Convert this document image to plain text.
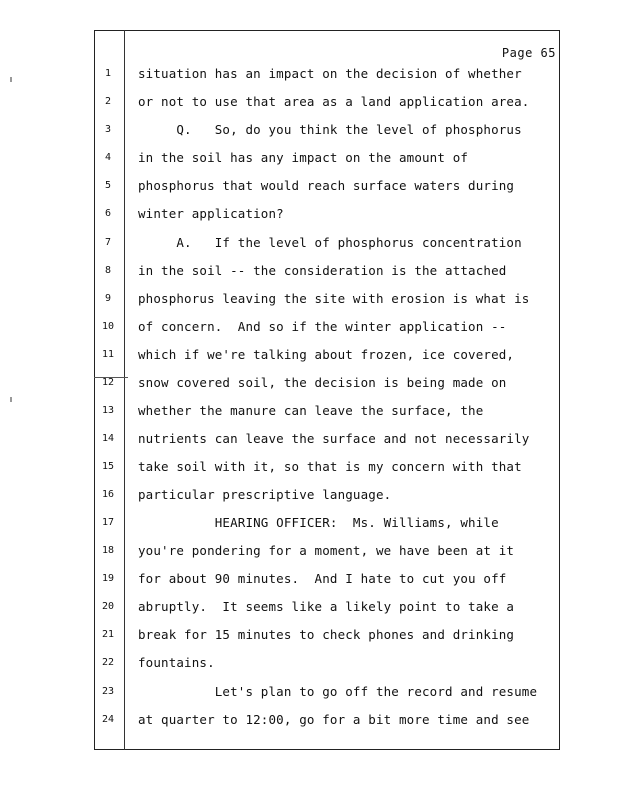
Page 65
1	situation has an impact on the decision of whether
2	or not to use that area as a land application area.
3	Q.   So, do you think the level of phosphorus
4	in the soil has any impact on the amount of
5	phosphorus that would reach surface waters during
6	winter application?
7	A.   If the level of phosphorus concentration
8	in the soil -- the consideration is the attached
9	phosphorus leaving the site with erosion is what is
10	of concern.  And so if the winter application --
11	which if we're talking about frozen, ice covered,
12	snow covered soil, the decision is being made on
13	whether the manure can leave the surface, the
14	nutrients can leave the surface and not necessarily
15	take soil with it, so that is my concern with that
16	particular prescriptive language.
17	HEARING OFFICER:  Ms. Williams, while
18	you're pondering for a moment, we have been at it
19	for about 90 minutes.  And I hate to cut you off
20	abruptly.  It seems like a likely point to take a
21	break for 15 minutes to check phones and drinking
22	fountains.
23	Let's plan to go off the record and resume
24	at quarter to 12:00, go for a bit more time and see
